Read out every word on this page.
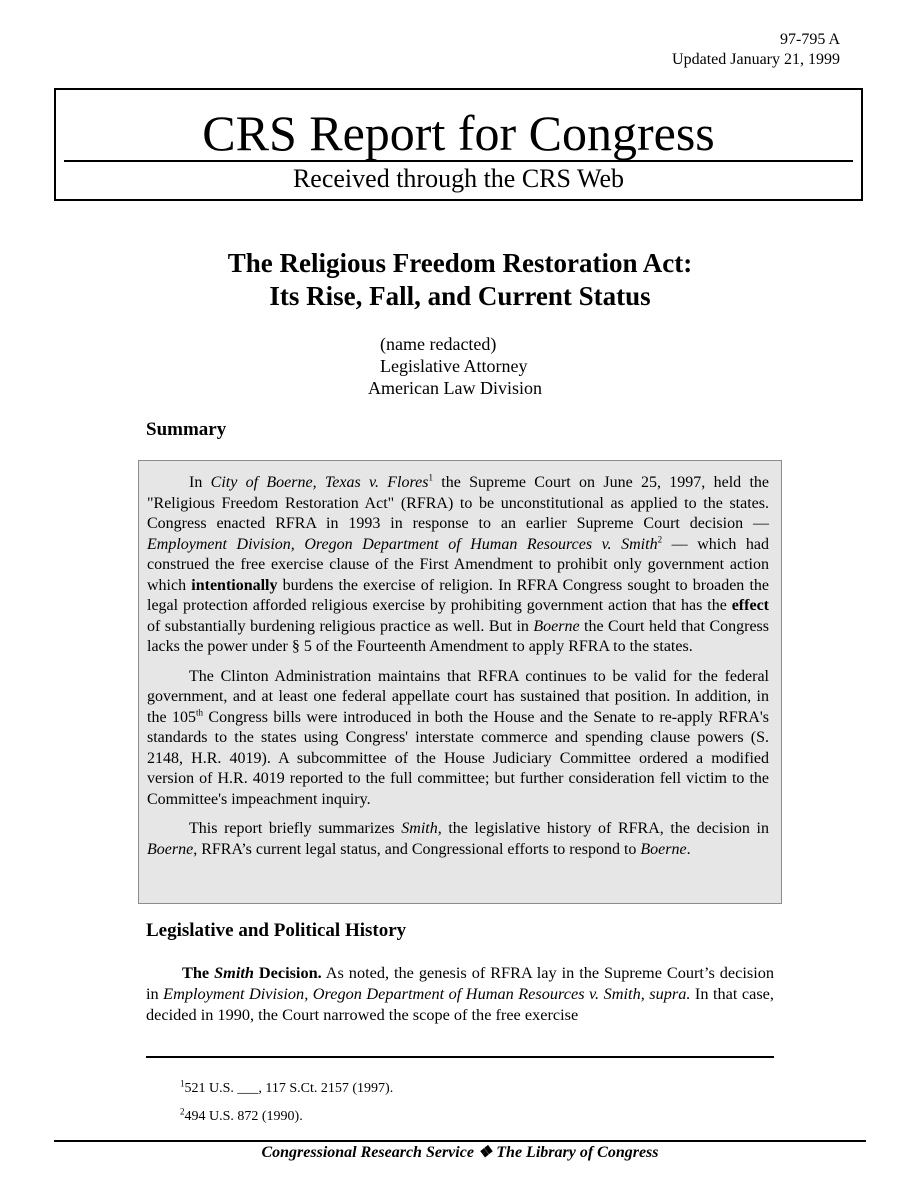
97-795 A
Updated January 21, 1999
CRS Report for Congress
Received through the CRS Web
The Religious Freedom Restoration Act:
Its Rise, Fall, and Current Status
(name redacted)
Legislative Attorney
American Law Division
Summary

In City of Boerne, Texas v. Flores$^1$ the Supreme Court on June 25, 1997, held the "Religious Freedom Restoration Act" (RFRA) to be unconstitutional as applied to the states. Congress enacted RFRA in 1993 in response to an earlier Supreme Court decision — Employment Division, Oregon Department of Human Resources v. Smith$^2$ — which had construed the free exercise clause of the First Amendment to prohibit only government action which intentionally burdens the exercise of religion. In RFRA Congress sought to broaden the legal protection afforded religious exercise by prohibiting government action that has the effect of substantially burdening religious practice as well. But in Boerne the Court held that Congress lacks the power under § 5 of the Fourteenth Amendment to apply RFRA to the states.

The Clinton Administration maintains that RFRA continues to be valid for the federal government, and at least one federal appellate court has sustained that position. In addition, in the 105th Congress bills were introduced in both the House and the Senate to re-apply RFRA's standards to the states using Congress' interstate commerce and spending clause powers (S. 2148, H.R. 4019). A subcommittee of the House Judiciary Committee ordered a modified version of H.R. 4019 reported to the full committee; but further consideration fell victim to the Committee's impeachment inquiry.

This report briefly summarizes Smith, the legislative history of RFRA, the decision in Boerne, RFRA’s current legal status, and Congressional efforts to respond to Boerne.

Legislative and Political History
The Smith Decision. As noted, the genesis of RFRA lay in the Supreme Court’s decision in Employment Division, Oregon Department of Human Resources v. Smith, supra. In that case, decided in 1990, the Court narrowed the scope of the free exercise
$^1$521 U.S. ___, 117 S.Ct. 2157 (1997).
$^2$494 U.S. 872 (1990).
Congressional Research Service ❖ The Library of Congress
